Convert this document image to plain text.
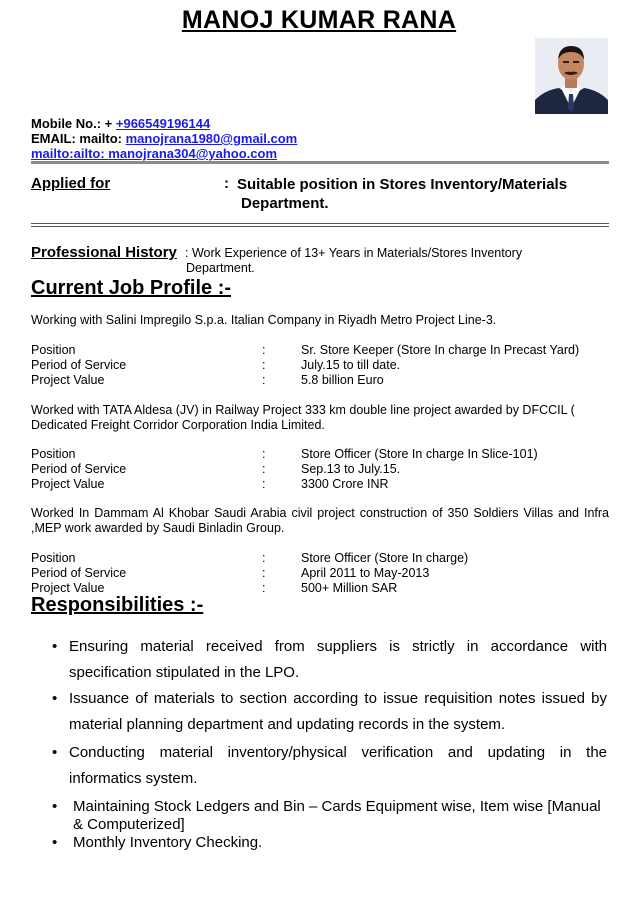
MANOJ KUMAR RANA
Mobile No.: + +966549196144
EMAIL: mailto: manojrana1980@gmail.com
mailto:ailto: manojrana304@yahoo.com
Applied for	: Suitable position in Stores Inventory/Materials
Department.
Professional History : Work Experience of 13+ Years in Materials/Stores Inventory
Department.
Current Job Profile :-
Working with Salini Impregilo S.p.a. Italian Company in Riyadh Metro Project Line-3.
Position	:	Sr. Store Keeper (Store In charge In Precast Yard)
Period of Service	:	July.15 to till date.
Project Value	:	5.8 billion Euro
Worked with TATA Aldesa (JV) in Railway Project 333 km double line project awarded by DFCCIL (
Dedicated Freight Corridor Corporation India Limited.
Position	:	Store Officer (Store In charge In Slice-101)
Period of Service	:	Sep.13 to July.15.
Project Value	:	3300 Crore INR
Worked In Dammam Al Khobar Saudi Arabia civil project construction of 350 Soldiers Villas and Infra
,MEP work awarded by Saudi Binladin Group.
Position	:	Store Officer (Store In charge)
Period of Service	:	April 2011 to May-2013
Project Value	:	500+ Million SAR
Responsibilities :-
• Ensuring material received from suppliers is strictly in accordance with
specification stipulated in the LPO.
• Issuance of materials to section according to issue requisition notes issued by
material planning department and updating records in the system.
• Conducting material inventory/physical verification and updating in the
informatics system.
• Maintaining Stock Ledgers and Bin – Cards Equipment wise, Item wise [Manual
& Computerized]
• Monthly Inventory Checking.
